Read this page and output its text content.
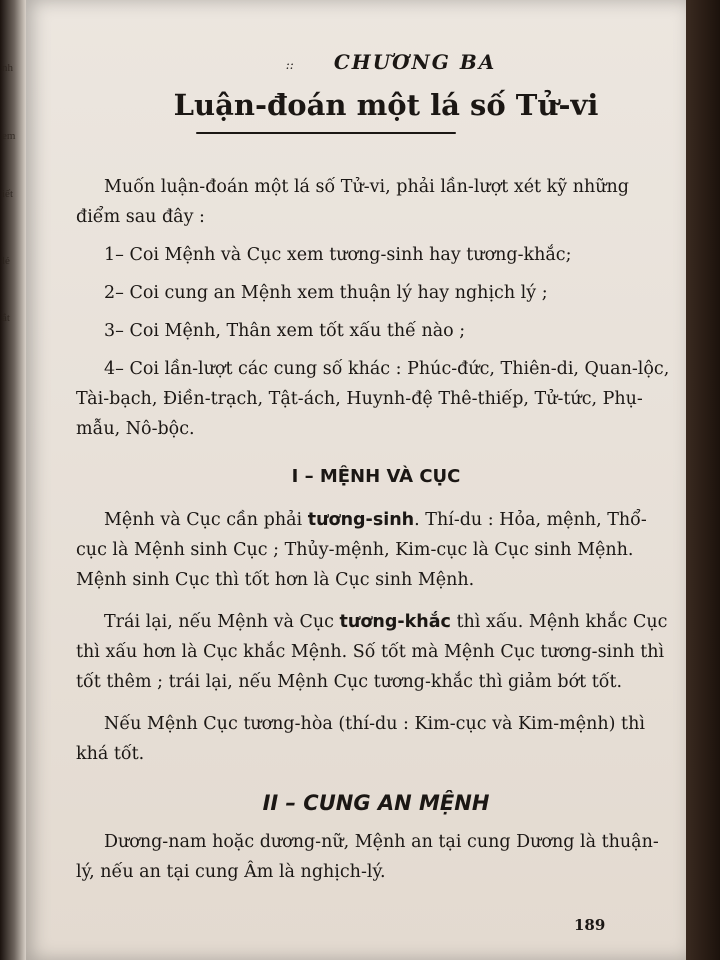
nh
em
iết
lẻ
ắt
:: CHƯƠNG BA
Luận-đoán một lá số Tử-vi

Muốn luận-đoán một lá số Tử-vi, phải lần-lượt xét kỹ những điểm sau đây :

1– Coi Mệnh và Cục xem tương-sinh hay tương-khắc;

2– Coi cung an Mệnh xem thuận lý hay nghịch lý ;

3– Coi Mệnh, Thân xem tốt xấu thế nào ;

4– Coi lần-lượt các cung số khác : Phúc-đức, Thiên-di, Quan-lộc, Tài-bạch, Điền-trạch, Tật-ách, Huynh-đệ Thê-thiếp, Tử-tức, Phụ-mẫu, Nô-bộc.

I – MỆNH VÀ CỤC

Mệnh và Cục cần phải tương-sinh. Thí-du : Hỏa, mệnh, Thổ-cục là Mệnh sinh Cục ; Thủy-mệnh, Kim-cục là Cục sinh Mệnh. Mệnh sinh Cục thì tốt hơn là Cục sinh Mệnh.

Trái lại, nếu Mệnh và Cục tương-khắc thì xấu. Mệnh khắc Cục thì xấu hơn là Cục khắc Mệnh. Số tốt mà Mệnh Cục tương-sinh thì tốt thêm ; trái lại, nếu Mệnh Cục tương-khắc thì giảm bớt tốt.

Nếu Mệnh Cục tương-hòa (thí-du : Kim-cục và Kim-mệnh) thì khá tốt.

II – CUNG AN MỆNH

Dương-nam hoặc dương-nữ, Mệnh an tại cung Dương là thuận-lý, nếu an tại cung Âm là nghịch-lý.

189
